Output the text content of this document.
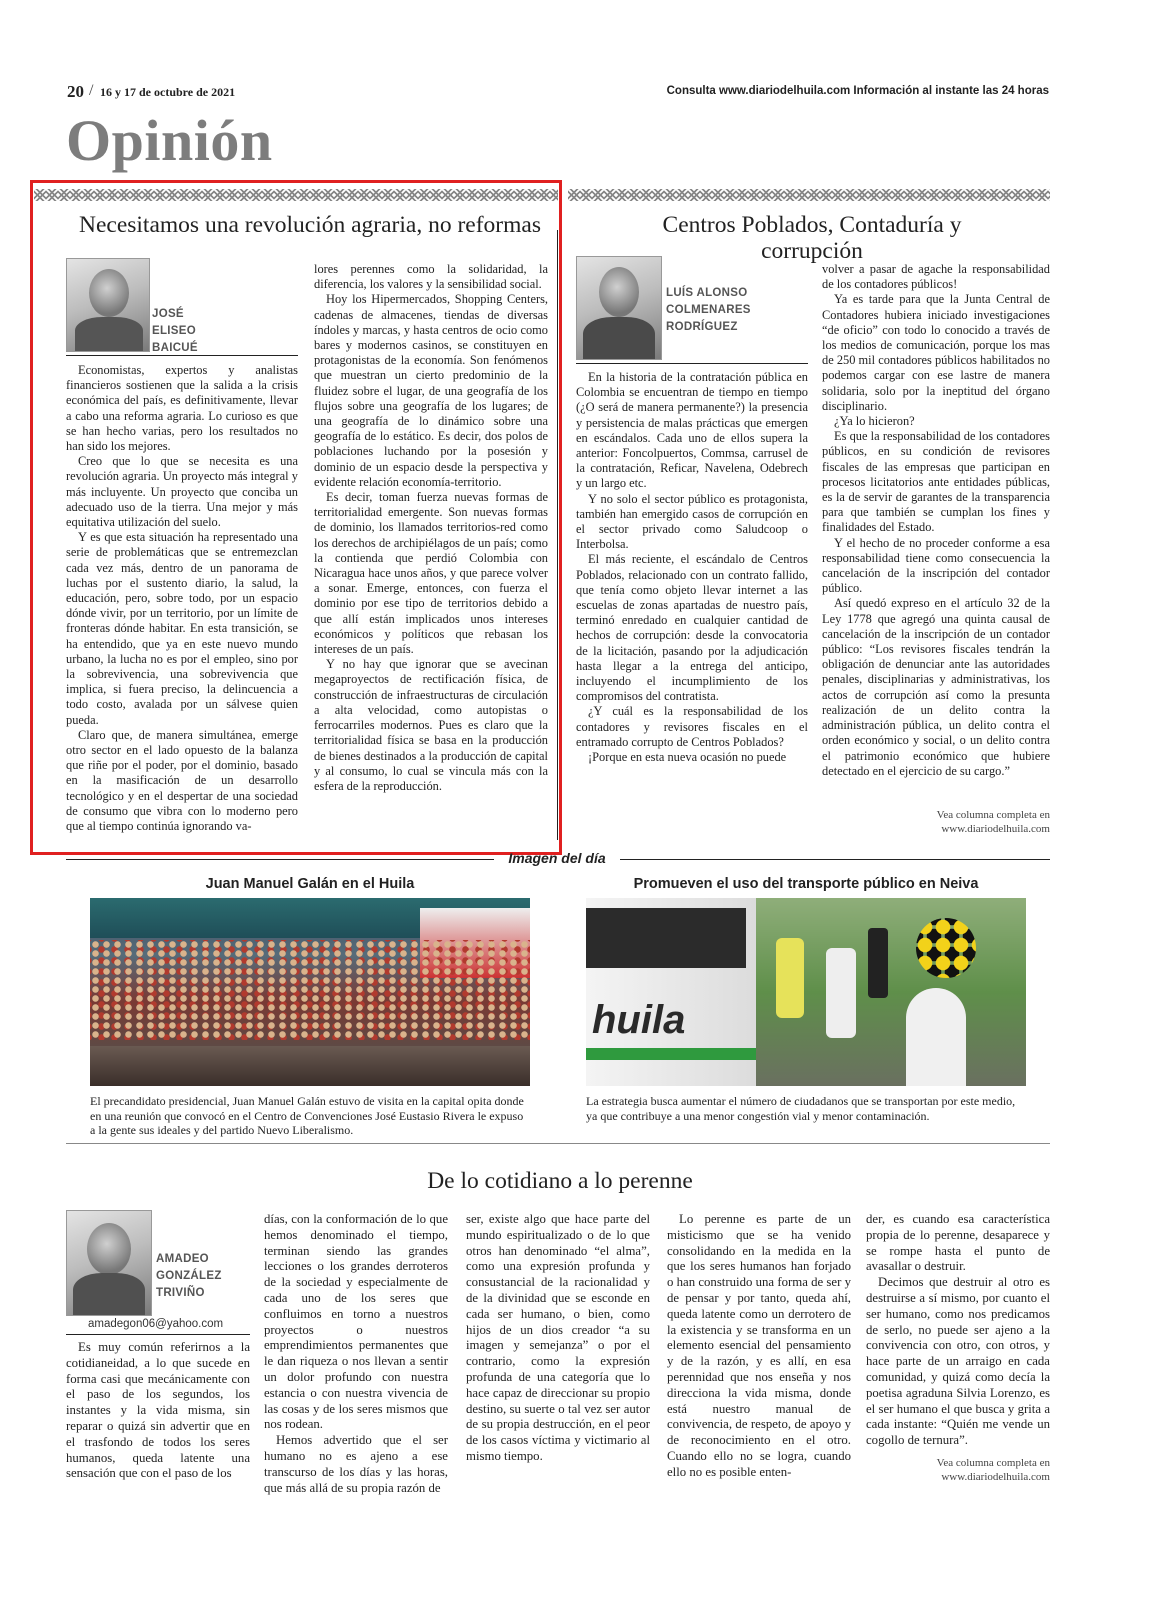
20 / 16 y 17 de octubre de 2021	Consulta www.diariodelhuila.com Información al instante las 24 horas
Opinión
Necesitamos una revolución agraria, no reformas
JOSÉ
ELISEO
BAICUÉ

Economistas, expertos y analistas financieros sostienen que la salida a la crisis económica del país, es definitivamente, llevar a cabo una reforma agraria. Lo curioso es que se han hecho varias, pero los resultados no han sido los mejores.

Creo que lo que se necesita es una revolución agraria. Un proyecto más integral y más incluyente. Un proyecto que conciba un adecuado uso de la tierra. Una mejor y más equitativa utilización del suelo.

Y es que esta situación ha representado una serie de problemáticas que se entremezclan cada vez más, dentro de un panorama de luchas por el sustento diario, la salud, la educación, pero, sobre todo, por un espacio dónde vivir, por un territorio, por un límite de fronteras dónde habitar. En esta transición, se ha entendido, que ya en este nuevo mundo urbano, la lucha no es por el empleo, sino por la sobrevivencia, una sobrevivencia que implica, si fuera preciso, la delincuencia a todo costo, avalada por un sálvese quien pueda.

Claro que, de manera simultánea, emerge otro sector en el lado opuesto de la balanza que riñe por el poder, por el dominio, basado en la masificación de un desarrollo tecnológico y en el despertar de una sociedad de consumo que vibra con lo moderno pero que al tiempo continúa ignorando va-

lores perennes como la solidaridad, la diferencia, los valores y la sensibilidad social.

Hoy los Hipermercados, Shopping Centers, cadenas de almacenes, tiendas de diversas índoles y marcas, y hasta centros de ocio como bares y modernos casinos, se constituyen en protagonistas de la economía. Son fenómenos que muestran un cierto predominio de la fluidez sobre el lugar, de una geografía de los flujos sobre una geografía de los lugares; de una geografía de lo dinámico sobre una geografía de lo estático. Es decir, dos polos de poblaciones luchando por la posesión y dominio de un espacio desde la perspectiva y evidente relación economía-territorio.

Es decir, toman fuerza nuevas formas de territorialidad emergente. Son nuevas formas de dominio, los llamados territorios-red como los derechos de archipiélagos de un país; como la contienda que perdió Colombia con Nicaragua hace unos años, y que parece volver a sonar. Emerge, entonces, con fuerza el dominio por ese tipo de territorios debido a que allí están implicados unos intereses económicos y políticos que rebasan los intereses de un país.

Y no hay que ignorar que se avecinan megaproyectos de rectificación física, de construcción de infraestructuras de circulación a alta velocidad, como autopistas o ferrocarriles modernos. Pues es claro que la territorialidad física se basa en la producción de bienes destinados a la producción de capital y al consumo, lo cual se vincula más con la esfera de la reproducción.

Centros Poblados, Contaduría y corrupción
LUÍS ALONSO
COLMENARES
RODRÍGUEZ

En la historia de la contratación pública en Colombia se encuentran de tiempo en tiempo (¿O será de manera permanente?) la presencia y persistencia de malas prácticas que emergen en escándalos. Cada uno de ellos supera la anterior: Foncolpuertos, Commsa, carrusel de la contratación, Reficar, Navelena, Odebrech y un largo etc.

Y no solo el sector público es protagonista, también han emergido casos de corrupción en el sector privado como Saludcoop o Interbolsa.

El más reciente, el escándalo de Centros Poblados, relacionado con un contrato fallido, que tenía como objeto llevar internet a las escuelas de zonas apartadas de nuestro país, terminó enredado en cualquier cantidad de hechos de corrupción: desde la convocatoria de la licitación, pasando por la adjudicación hasta llegar a la entrega del anticipo, incluyendo el incumplimiento de los compromisos del contratista.

¿Y cuál es la responsabilidad de los contadores y revisores fiscales en el entramado corrupto de Centros Poblados?

¡Porque en esta nueva ocasión no puede

volver a pasar de agache la responsabilidad de los contadores públicos!

Ya es tarde para que la Junta Central de Contadores hubiera iniciado investigaciones “de oficio” con todo lo conocido a través de los medios de comunicación, porque los mas de 250 mil contadores públicos habilitados no podemos cargar con ese lastre de manera solidaria, solo por la ineptitud del órgano disciplinario.

¿Ya lo hicieron?

Es que la responsabilidad de los contadores públicos, en su condición de revisores fiscales de las empresas que participan en procesos licitatorios ante entidades públicas, es la de servir de garantes de la transparencia para que también se cumplan los fines y finalidades del Estado.

Y el hecho de no proceder conforme a esa responsabilidad tiene como consecuencia la cancelación de la inscripción del contador público.

Así quedó expreso en el artículo 32 de la Ley 1778 que agregó una quinta causal de cancelación de la inscripción de un contador público: “Los revisores fiscales tendrán la obligación de denunciar ante las autoridades penales, disciplinarias y administrativas, los actos de corrupción así como la presunta realización de un delito contra la administración pública, un delito contra el orden económico y social, o un delito contra el patrimonio económico que hubiere detectado en el ejercicio de su cargo.”

Vea columna completa en
www.diariodelhuila.com
Imagen del día
Juan Manuel Galán en el Huila	Promueven el uso del transporte público en Neiva
El precandidato presidencial, Juan Manuel Galán estuvo de visita en la capital opita donde en una reunión que convocó en el Centro de Convenciones José Eustasio Rivera le expuso a la gente sus ideales y del partido Nuevo Liberalismo.
huila
La estrategia busca aumentar el número de ciudadanos que se transportan por este medio, ya que contribuye a una menor congestión vial y menor contaminación.
De lo cotidiano a lo perenne
AMADEO
GONZÁLEZ
TRIVIÑO
amadegon06@yahoo.com

Es muy común referirnos a la cotidianeidad, a lo que sucede en forma casi que mecánicamente con el paso de los segundos, los instantes y la vida misma, sin reparar o quizá sin advertir que en el trasfondo de todos los seres humanos, queda latente una sensación que con el paso de los

días, con la conformación de lo que hemos denominado el tiempo, terminan siendo las grandes lecciones o los grandes derroteros de la sociedad y especialmente de cada uno de los seres que confluimos en torno a nuestros proyectos o nuestros emprendimientos permanentes que le dan riqueza o nos llevan a sentir un dolor profundo con nuestra estancia o con nuestra vivencia de las cosas y de los seres mismos que nos rodean.

Hemos advertido que el ser humano no es ajeno a ese transcurso de los días y las horas, que más allá de su propia razón de

ser, existe algo que hace parte del mundo espiritualizado o de lo que otros han denominado “el alma”, como una expresión profunda y consustancial de la racionalidad y de la divinidad que se esconde en cada ser humano, o bien, como hijos de un dios creador “a su imagen y semejanza” o por el contrario, como la expresión profunda de una categoría que lo hace capaz de direccionar su propio destino, su suerte o tal vez ser autor de su propia destrucción, en el peor de los casos víctima y victimario al mismo tiempo.

Lo perenne es parte de un misticismo que se ha venido consolidando en la medida en la que los seres humanos han forjado o han construido una forma de ser y de pensar y por tanto, queda ahí, queda latente como un derrotero de la existencia y se transforma en un elemento esencial del pensamiento y de la razón, y es allí, en esa perennidad que nos enseña y nos direcciona la vida misma, donde está nuestro manual de convivencia, de respeto, de apoyo y de reconocimiento en el otro. Cuando ello no se logra, cuando ello no es posible enten-

der, es cuando esa característica propia de lo perenne, desaparece y se rompe hasta el punto de avasallar o destruir.

Decimos que destruir al otro es destruirse a sí mismo, por cuanto el ser humano, como nos predicamos de serlo, no puede ser ajeno a la convivencia con otro, con otros, y hace parte de un arraigo en cada comunidad, y quizá como decía la poetisa agraduna Silvia Lorenzo, es el ser humano el que busca y grita a cada instante: “Quién me vende un cogollo de ternura”.

Vea columna completa en
www.diariodelhuila.com
